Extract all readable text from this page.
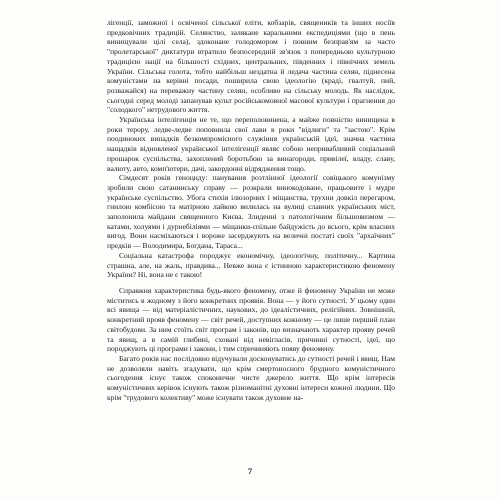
лігенції, заможної і освіченої сільської еліти, кобзарів, священиків та інших носіїв предковічних традицій. Селянство, залякане каральними експедиціями (що в пень винищували цілі села), здоконане голодомором і повним безправ'ям за часто "пролетарської" диктатури втратило безпосередній зв'язок з попередньою культурною традицією нації на більшості східних, центральних, південних і північних земель України. Сільська голота, тобто найбільш нездатна й ледача частина селян, піднесена комуністами на керівні посади, поширила свою ідеологію (крадi, гвалтуй, пий, розважайся) на переважну частину селян, особливо на сільську молодь. Як наслідок, сьогодні серед молоді запанував культ російськомовної масової культури і прагнення до "солодкого" нетрудового життя.

Українська інтелігенція не те, що переполовинена, а майже повністю винищена в роки терору, ледве-ледве поповнила свої лави в роки "відлиги" та "застою". Крім поодиноких випадків безкомпромісного служіння українській ідеї, значна частина нащадків відновленої української інтелігенції являє собою непривабливий соціальний прошарок суспільства, захоплений боротьбою за винагороди, привілеї, владу, славу, валюту, авто, комп'ютери, дачі, закордонні відрядження тощо.

Сімдесят років геноциду: панування розтлінної ідеології совіцького комунізму зробили свою сатанинську справу — розкрали винокодоване, працьовите і мудре українське суспільство. Убога стихія ілюзорних і міщанства, трухни довкіл перегаром, гнилою комбісою та матірною лайкою вилилась на вулиці славних українських міст, заполонила майдани священного Києва. Злиденні з патологічним більшовизмом — катами, холуями і дурнебіліями — міщанки-спільне байдужість до всього, крім власних вигод. Вони насміхаються і вороже засерджують на величні постаті своїх "архаїчних" предків — Володимира, Богдана, Тараса...

Соціальна катастрофа породжує економічну, ідеологічну, політичну... Картина страшна, але, на жаль, правдива... Невже вона є істинною характеристикою феномену України? Ні, вона не є такою!

Справжня характеристика будь-якого феномену, отже й феномену України не може міститись в жодному з його конкретних проявів. Вона — у його сутності. У цьому один всі явища — від матеріалістичних, наукових, до ідеалістичних, релігійних. Зовнішній, конкретний прояв феномену — світ речей, доступних кожному — це лише перший план світобудови. За ним стоїть світ програм і законів, що визначають характер прояву речей та явищ, а в самій глибині, сховані від невігласів, причинні сутності, ідеї, що породжують ці програми і закони, і тим спричиняють появу феномену.

Багато років нас послідовно відучували досконуватись до сутності речей і явищ. Нам не дозволяли навіть згадувати, що крім смертоносного брудного комуністичного сьогодення існує також споконичне чисте джерело життя. Що крім інтересів комуністичних керівок існують також різноманітні духовні інтереси кожної людини. Що крім "трудового колективу" може існувати також духовне на-

7
